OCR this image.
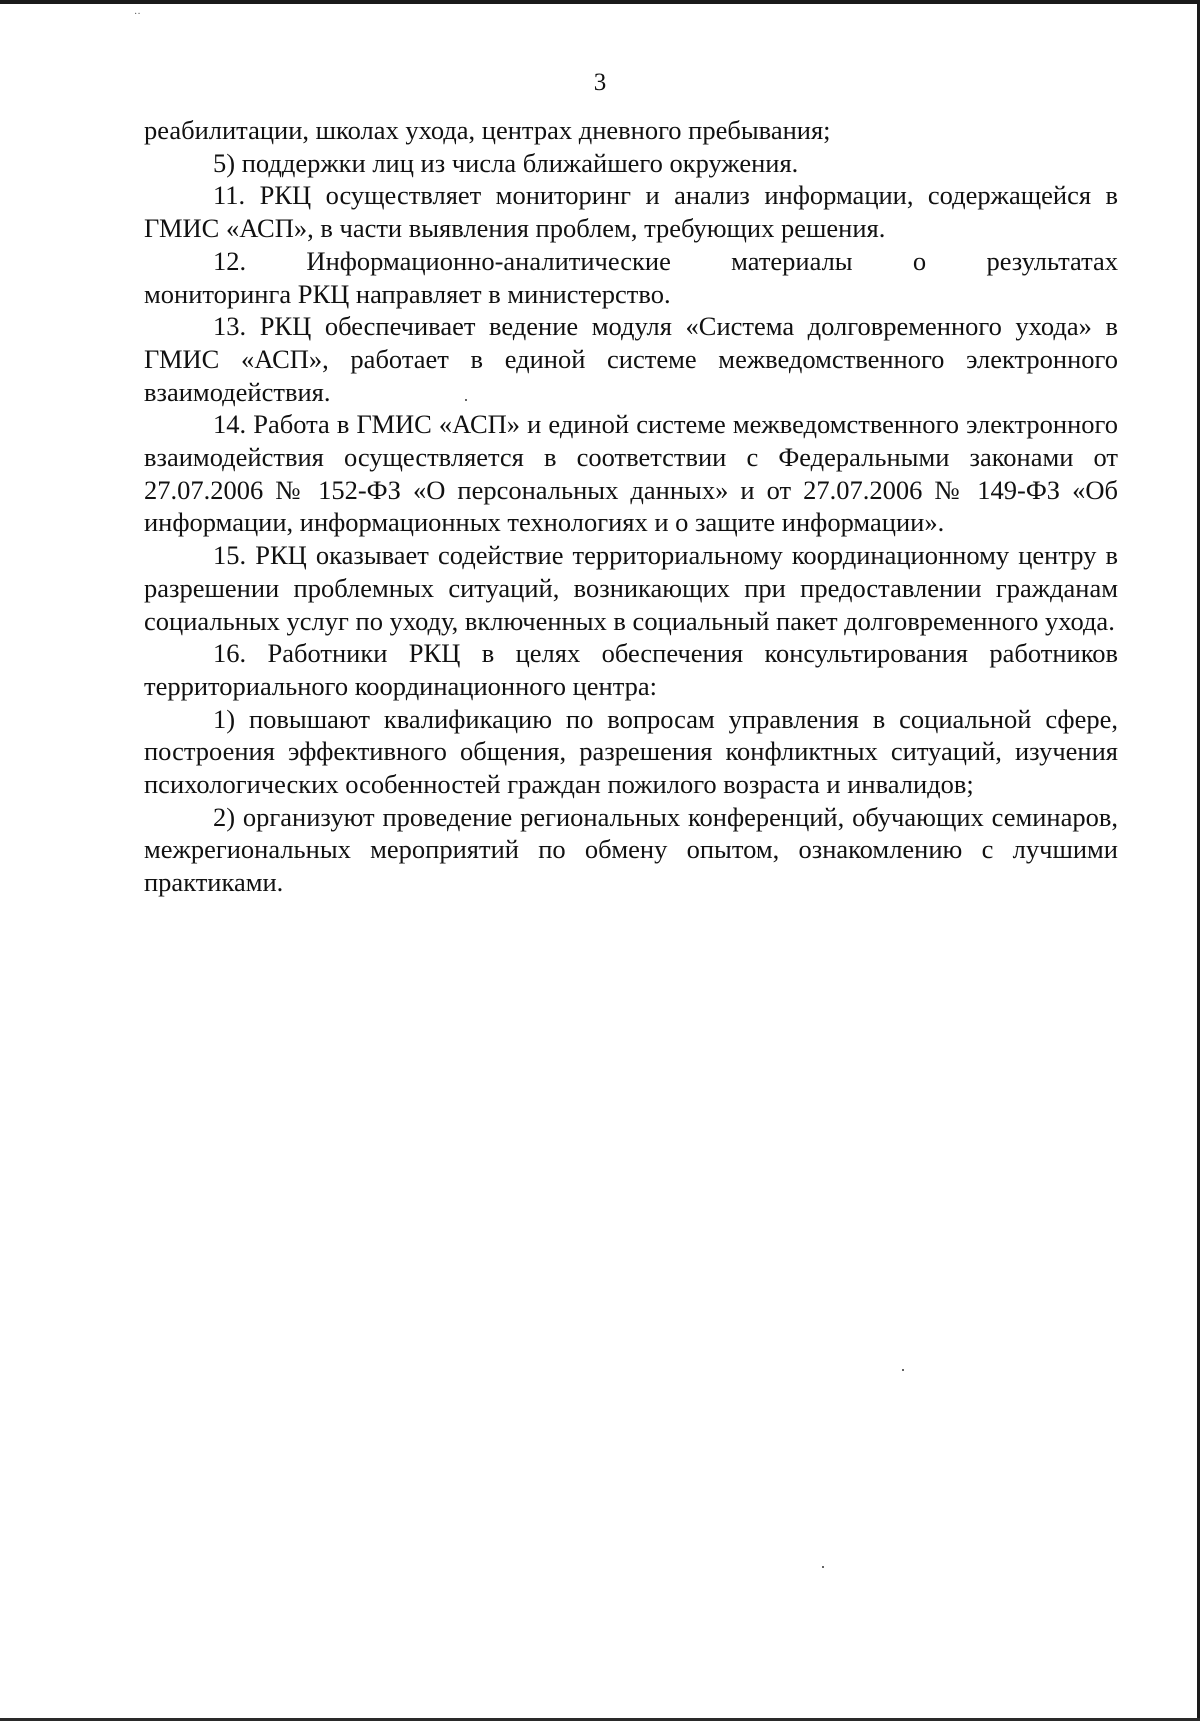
··
3

реабилитации, школах ухода, центрах дневного пребывания;

5) поддержки лиц из числа ближайшего окружения.

11. РКЦ осуществляет мониторинг и анализ информации, содержащейся в ГМИС «АСП», в части выявления проблем, требующих решения.

12. Информационно-аналитические материалы о результатах

мониторинга РКЦ направляет в министерство.

13. РКЦ обеспечивает ведение модуля «Система долговременного ухода» в ГМИС «АСП», работает в единой системе межведомственного электронного взаимодействия.

14. Работа в ГМИС «АСП» и единой системе межведомственного электронного взаимодействия осуществляется в соответствии с Федеральными законами от 27.07.2006 № 152-ФЗ «О персональных данных» и от 27.07.2006 № 149-ФЗ «Об информации, информационных технологиях и о защите информации».

15. РКЦ оказывает содействие территориальному координационному центру в разрешении проблемных ситуаций, возникающих при предоставлении гражданам социальных услуг по уходу, включенных в социальный пакет долговременного ухода.

16. Работники РКЦ в целях обеспечения консультирования работников территориального координационного центра:

1) повышают квалификацию по вопросам управления в социальной сфере, построения эффективного общения, разрешения конфликтных ситуаций, изучения психологических особенностей граждан пожилого возраста и инвалидов;

2) организуют проведение региональных конференций, обучающих семинаров, межрегиональных мероприятий по обмену опытом, ознакомлению с лучшими практиками.
